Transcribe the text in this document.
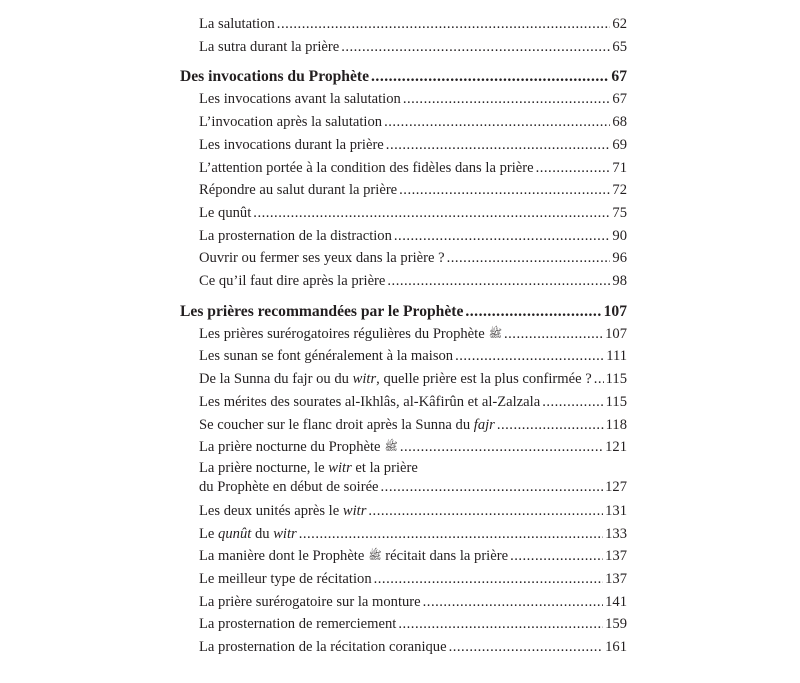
La salutation .....	62
La sutra durant la prière .....	65
Des invocations du Prophète .....	67
Les invocations avant la salutation .....	67
L’invocation après la salutation .....	68
Les invocations durant la prière .....	69
L’attention portée à la condition des fidèles dans la prière .....	71
Répondre au salut durant la prière .....	72
Le qunût .....	75
La prosternation de la distraction .....	90
Ouvrir ou fermer ses yeux dans la prière ? .....	96
Ce qu’il faut dire après la prière .....	98
Les prières recommandées par le Prophète .....	107
Les prières surérogatoires régulières du Prophète ﷺ .....	107
Les sunan se font généralement à la maison .....	111
De la Sunna du fajr ou du witr, quelle prière est la plus confirmée ? ..... 115
Les mérites des sourates al-Ikhlâs, al-Kâfirûn et al-Zalzala .....	115
Se coucher sur le flanc droit après la Sunna du fajr .....	118
La prière nocturne du Prophète ﷺ .....	121
La prière nocturne, le witr et la prière
du Prophète en début de soirée .....	127
Les deux unités après le witr .....	131
Le qunût du witr .....	133
La manière dont le Prophète ﷺ récitait dans la prière .....	137
Le meilleur type de récitation .....	137
La prière surérogatoire sur la monture .....	141
La prosternation de remerciement .....	159
La prosternation de la récitation coranique .....	161
